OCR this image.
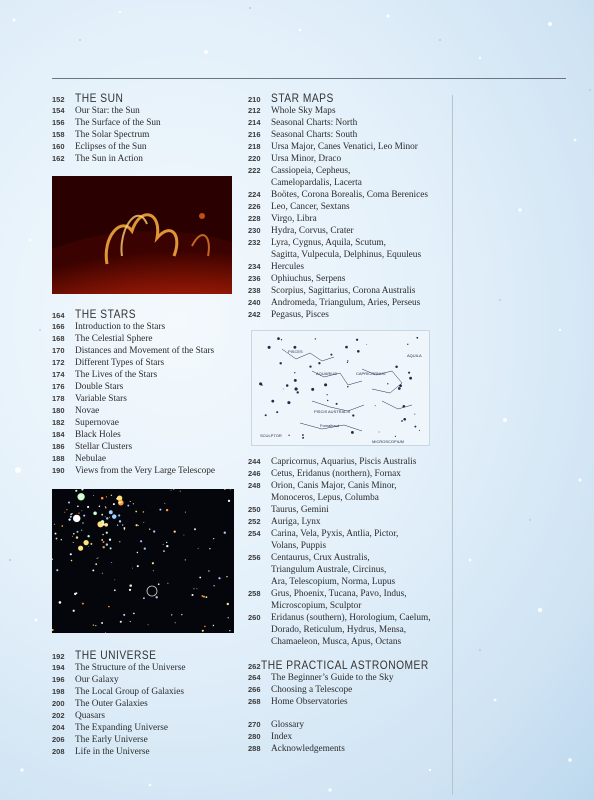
152 THE SUN
154	Our Star: the Sun
156	The Surface of the Sun
158	The Solar Spectrum
160	Eclipses of the Sun
162	The Sun in Action
164 THE STARS
166	Introduction to the Stars
168	The Celestial Sphere
170	Distances and Movement of the Stars
172	Different Types of Stars
174	The Lives of the Stars
176	Double Stars
178	Variable Stars
180	Novae
182	Supernovae
184	Black Holes
186	Stellar Clusters
188	Nebulae
190	Views from the Very Large Telescope
192 THE UNIVERSE
194	The Structure of the Universe
196	Our Galaxy
198	The Local Group of Galaxies
200	The Outer Galaxies
202	Quasars
204	The Expanding Universe
206	The Early Universe
208	Life in the Universe
210 STAR MAPS
212	Whole Sky Maps
214	Seasonal Charts: North
216	Seasonal Charts: South
218	Ursa Major, Canes Venatici, Leo Minor
220	Ursa Minor, Draco
222	Cassiopeia, Cepheus,
Camelopardalis, Lacerta
224	Boötes, Corona Borealis, Coma Berenices
226	Leo, Cancer, Sextans
228	Virgo, Libra
230	Hydra, Corvus, Crater
232	Lyra, Cygnus, Aquila, Scutum,
Sagitta, Vulpecula, Delphinus, Equuleus
234	Hercules
236	Ophiuchus, Serpens
238	Scorpius, Sagittarius, Corona Australis
240	Andromeda, Triangulum, Aries, Perseus
242	Pegasus, Pisces
PISCES
AQUARIUS	CAPRICORNUS
PISCIS AUSTRALIS
SCULPTOR
MICROSCOPIUM
AQUILA
Fomalhaut
244	Capricornus, Aquarius, Piscis Australis
246	Cetus, Eridanus (northern), Fornax
248	Orion, Canis Major, Canis Minor,
Monoceros, Lepus, Columba
250	Taurus, Gemini
252	Auriga, Lynx
254	Carina, Vela, Pyxis, Antlia, Pictor,
Volans, Puppis
256	Centaurus, Crux Australis,
Triangulum Australe, Circinus,
Ara, Telescopium, Norma, Lupus
258	Grus, Phoenix, Tucana, Pavo, Indus,
Microscopium, Sculptor
260	Eridanus (southern), Horologium, Caelum,
Dorado, Reticulum, Hydrus, Mensa,
Chamaeleon, Musca, Apus, Octans
262 THE PRACTICAL ASTRONOMER
264	The Beginner’s Guide to the Sky
266	Choosing a Telescope
268	Home Observatories
270	Glossary
280	Index
288	Acknowledgements
